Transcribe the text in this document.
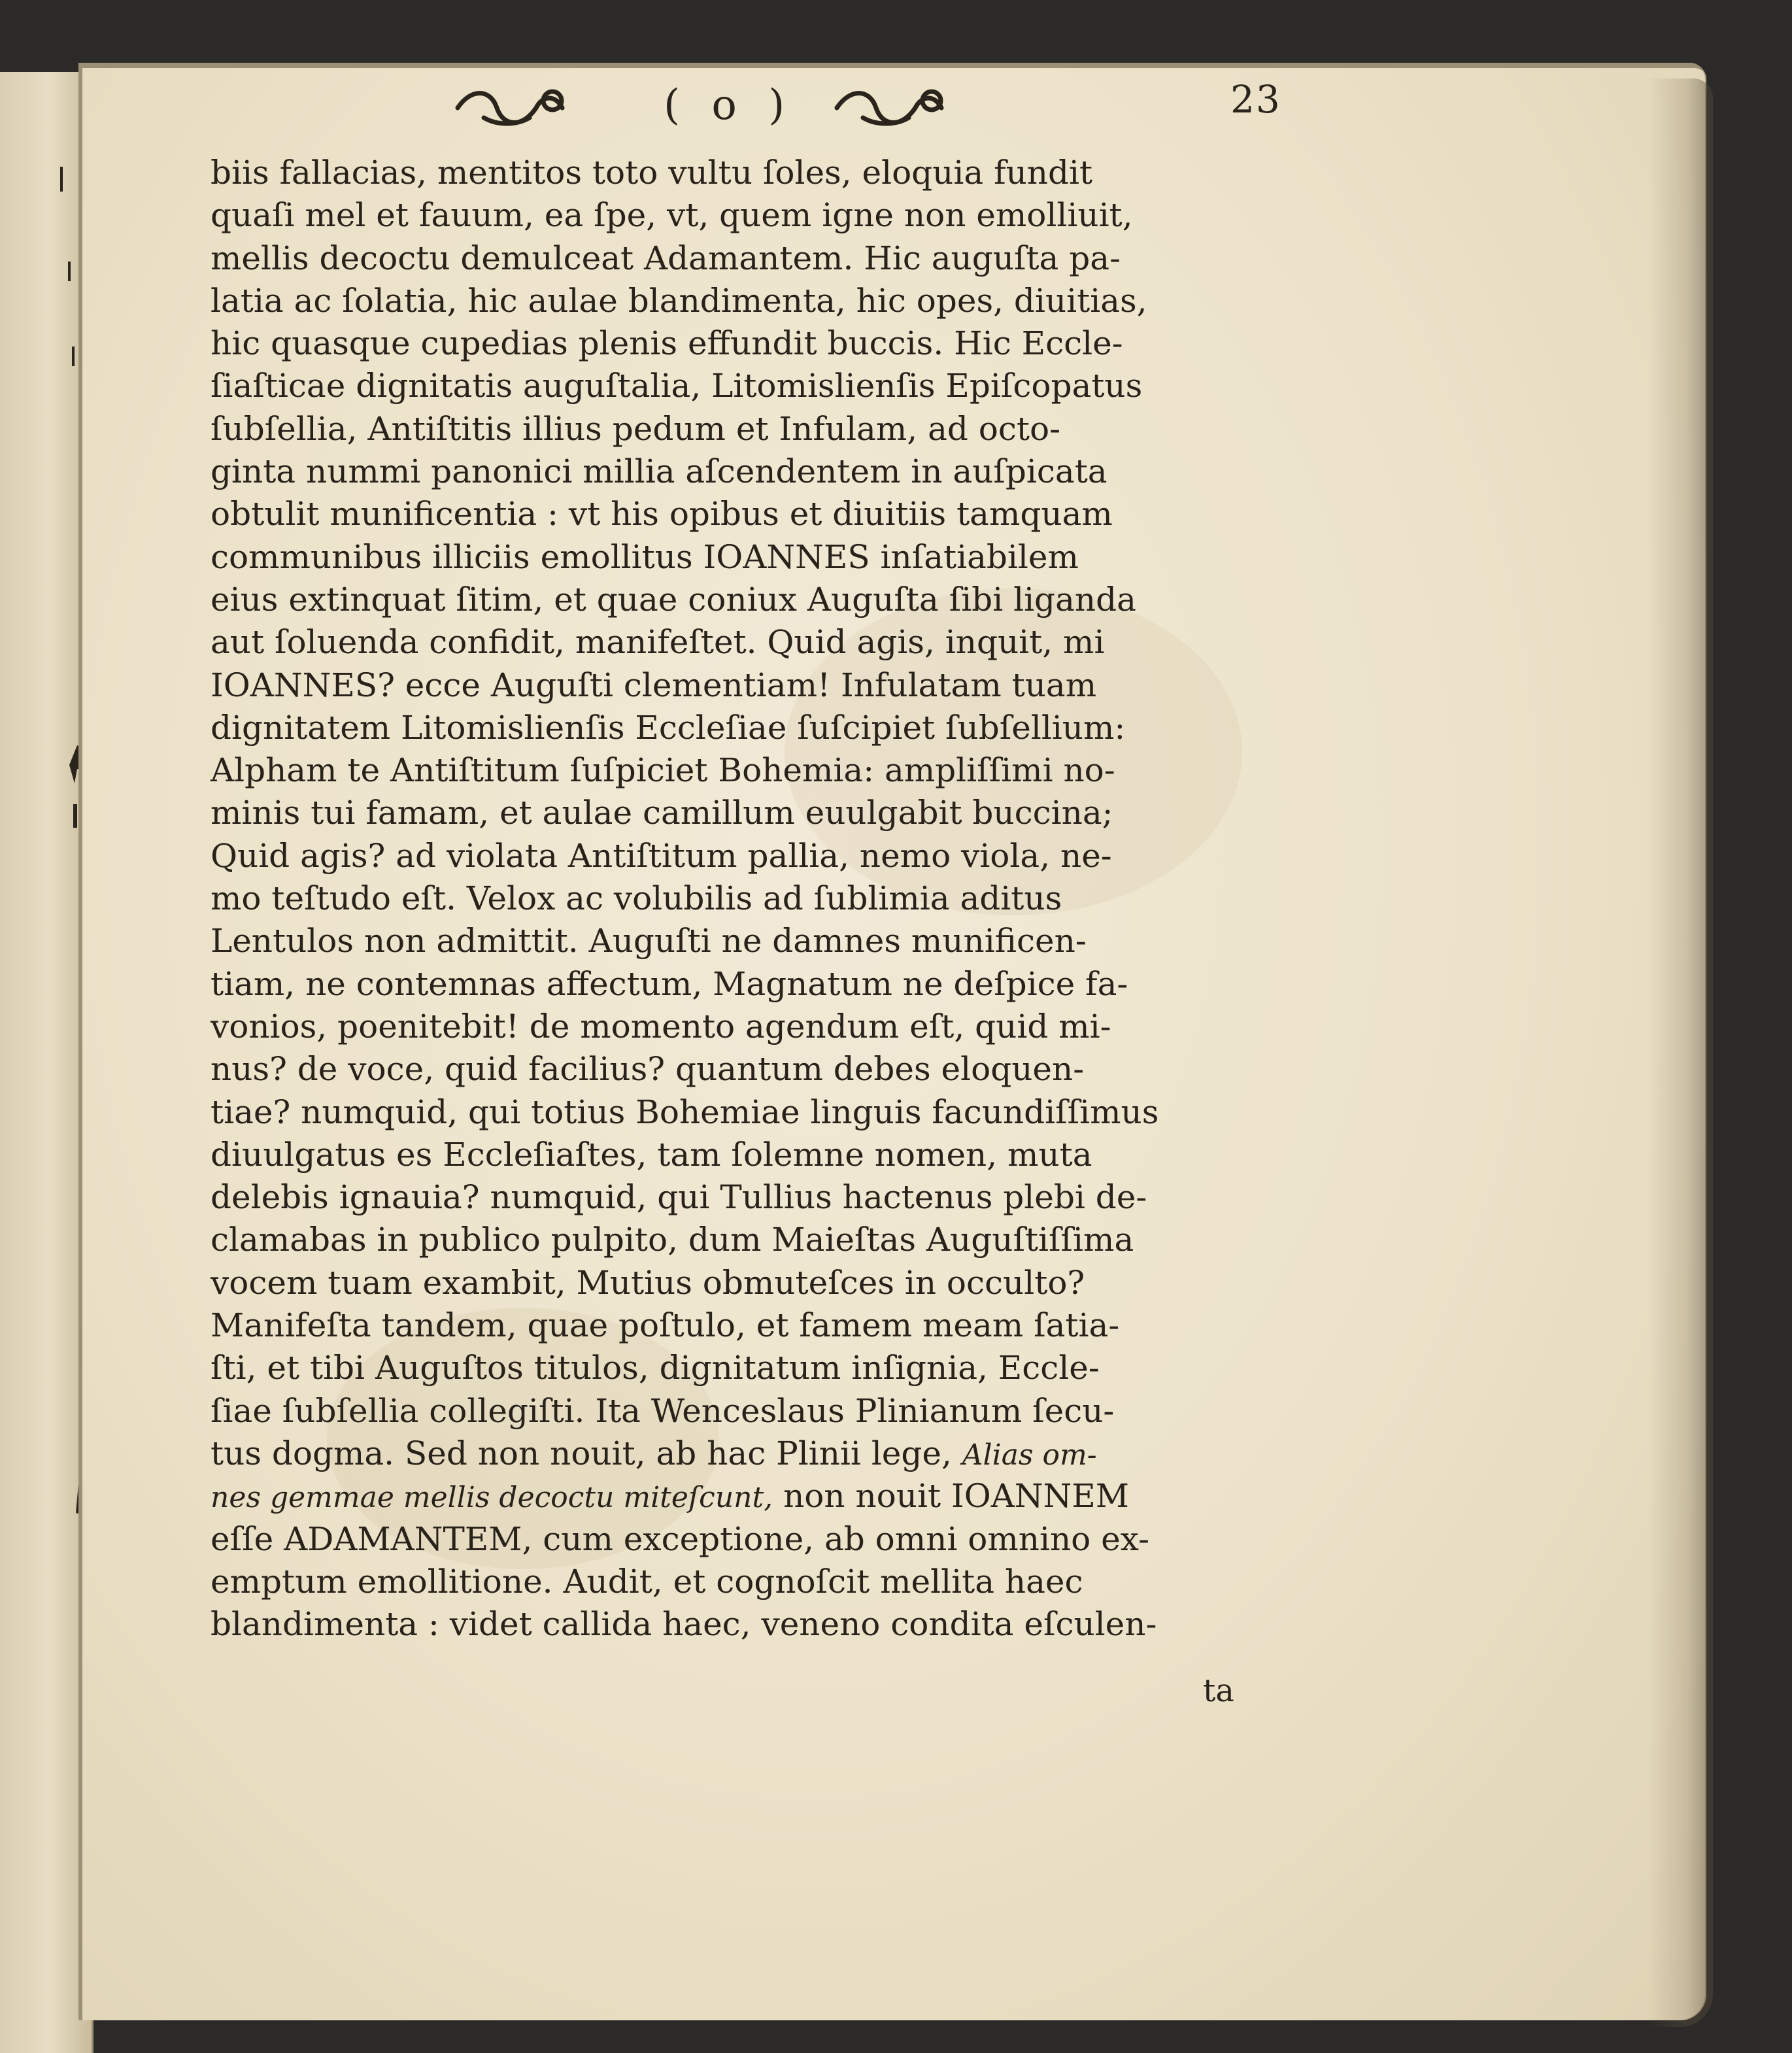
( o )	23
biis fallacias, mentitos toto vultu ſoles, eloquia fundit
quaſi mel et fauum, ea ſpe, vt, quem igne non emolliuit,
mellis decoctu demulceat Adamantem. Hic auguſta pa-
latia ac ſolatia, hic aulae blandimenta, hic opes, diuitias,
hic quasque cupedias plenis effundit buccis. Hic Eccle-
ſiaſticae dignitatis auguſtalia, Litomislienſis Epiſcopatus
ſubſellia, Antiſtitis illius pedum et Infulam, ad octo-
ginta nummi panonici millia aſcendentem in auſpicata
obtulit munificentia : vt his opibus et diuitiis tamquam
communibus illiciis emollitus IOANNES inſatiabilem
eius extinquat ſitim, et quae coniux Auguſta ſibi liganda
aut ſoluenda confidit, manifeſtet. Quid agis, inquit, mi
IOANNES? ecce Auguſti clementiam! Infulatam tuam
dignitatem Litomislienſis Eccleſiae ſuſcipiet ſubſellium:
Alpham te Antiſtitum ſuſpiciet Bohemia: ampliſſimi no-
minis tui famam, et aulae camillum euulgabit buccina;
Quid agis? ad violata Antiſtitum pallia, nemo viola, ne-
mo teſtudo eſt. Velox ac volubilis ad ſublimia aditus
Lentulos non admittit. Auguſti ne damnes munificen-
tiam, ne contemnas affectum, Magnatum ne deſpice fa-
vonios, poenitebit! de momento agendum eſt, quid mi-
nus? de voce, quid facilius? quantum debes eloquen-
tiae? numquid, qui totius Bohemiae linguis facundiſſimus
diuulgatus es Eccleſiaſtes, tam ſolemne nomen, muta
delebis ignauia? numquid, qui Tullius hactenus plebi de-
clamabas in publico pulpito, dum Maieſtas Auguſtiſſima
vocem tuam exambit, Mutius obmuteſces in occulto?
Manifeſta tandem, quae poſtulo, et famem meam ſatia-
ſti, et tibi Auguſtos titulos, dignitatum inſignia, Eccle-
ſiae ſubſellia collegiſti. Ita Wenceslaus Plinianum ſecu-
tus dogma. Sed non nouit, ab hac Plinii lege, Alias om-
nes gemmae mellis decoctu miteſcunt, non nouit IOANNEM
eſſe ADAMANTEM, cum exceptione, ab omni omnino ex-
emptum emollitione. Audit, et cognoſcit mellita haec
blandimenta : videt callida haec, veneno condita eſculen-
ta
